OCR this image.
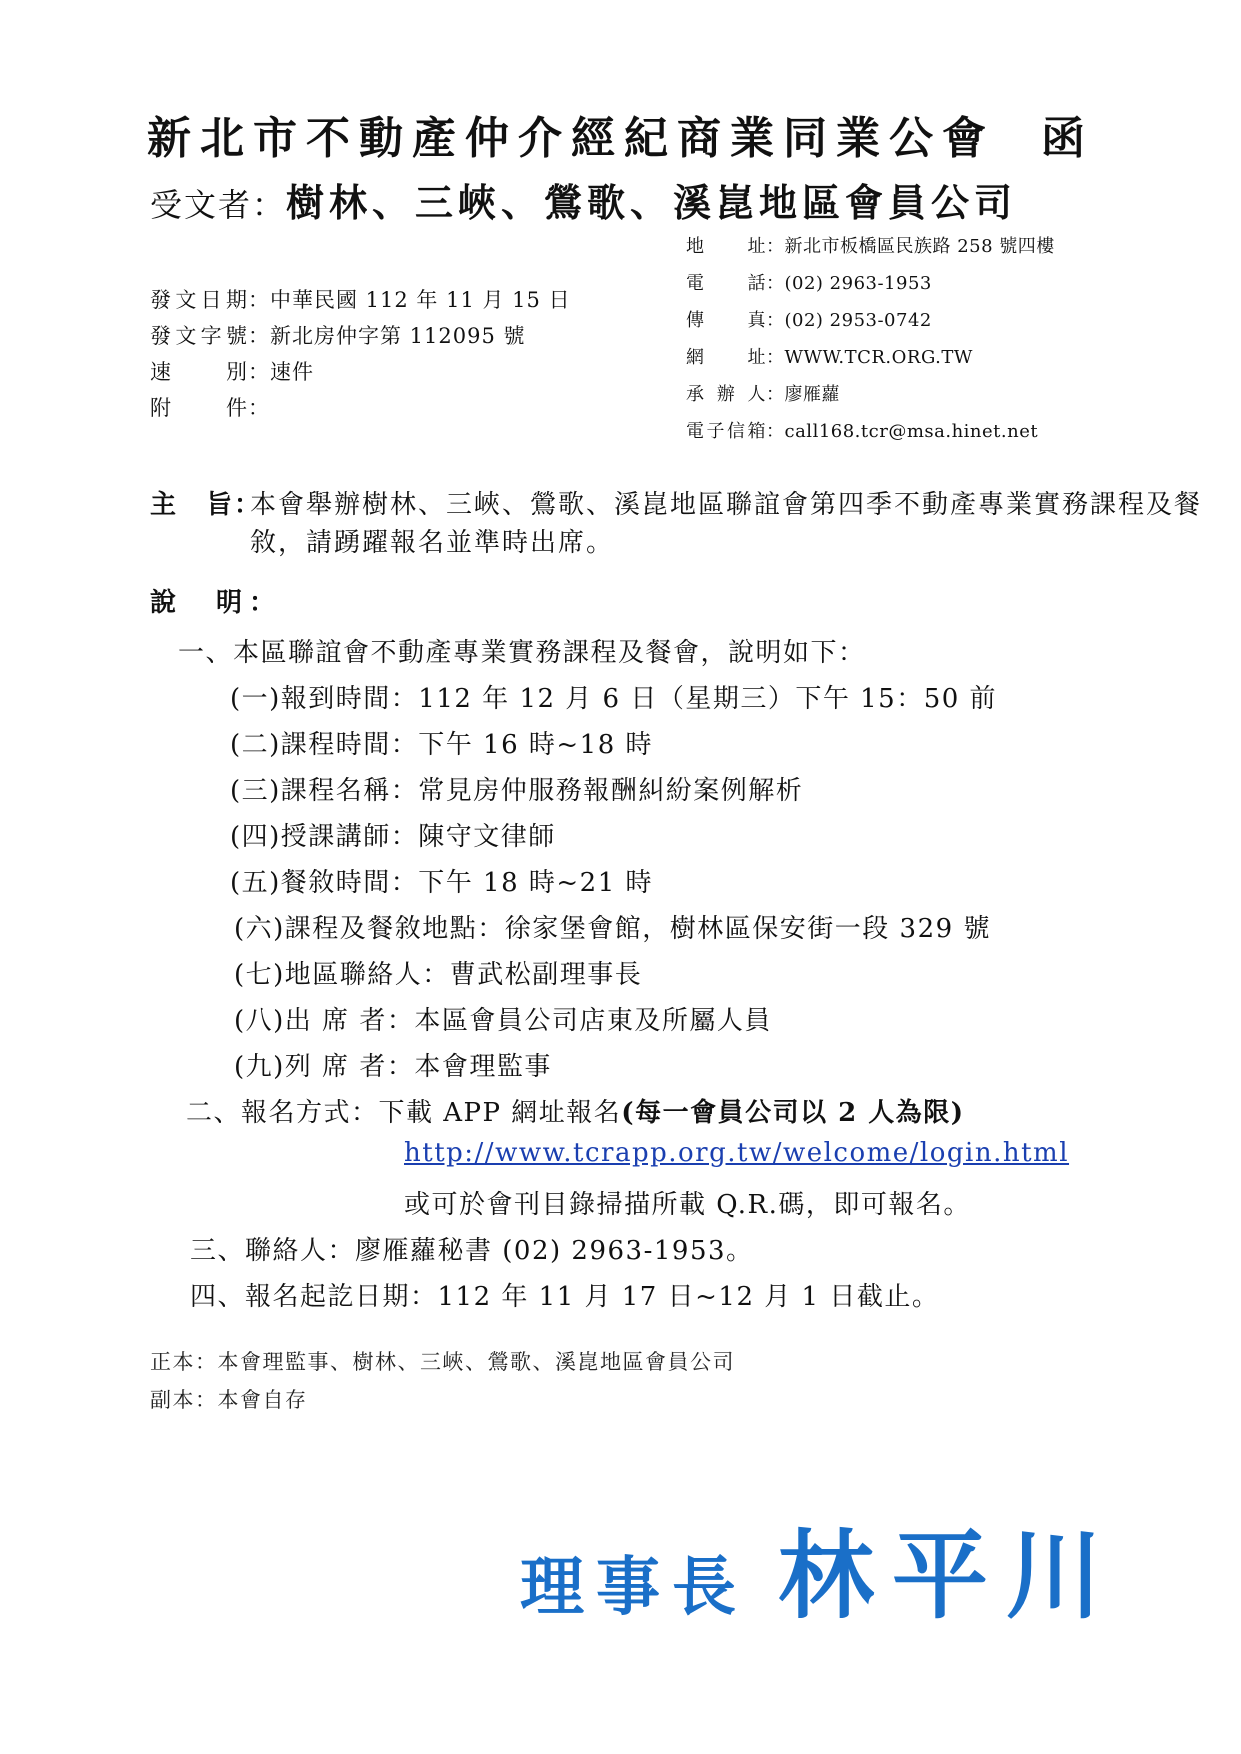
新北市不動產仲介經紀商業同業公會 函
受文者：樹林、三峽、鶯歌、溪崑地區會員公司
地　址：新北市板橋區民族路 258 號四樓
電　話：(02) 2963-1953
傳　真：(02) 2953-0742
網　址：WWW.TCR.ORG.TW
承 辦 人：廖雁蘿
電子信箱：call168.tcr@msa.hinet.net
發文日期：中華民國 112 年 11 月 15 日
發文字號：新北房仲字第 112095 號
速　別：速件
附　件：
主　旨：
本會舉辦樹林、三峽、鶯歌、溪崑地區聯誼會第四季不動產專業實務課程及餐敘，請踴躍報名並準時出席。
說　明：
一、本區聯誼會不動產專業實務課程及餐會，說明如下：
(一)報到時間：112 年 12 月 6 日（星期三）下午 15：50 前
(二)課程時間：下午 16 時~18 時
(三)課程名稱：常見房仲服務報酬糾紛案例解析
(四)授課講師：陳守文律師
(五)餐敘時間：下午 18 時~21 時
(六)課程及餐敘地點：徐家堡會館，樹林區保安街一段 329 號
(七)地區聯絡人：曹武松副理事長
(八)出 席 者：本區會員公司店東及所屬人員
(九)列 席 者：本會理監事
二、報名方式：下載 APP 網址報名(每一會員公司以 2 人為限)
http://www.tcrapp.org.tw/welcome/login.html
或可於會刊目錄掃描所載 Q.R.碼，即可報名。
三、聯絡人：廖雁蘿秘書 (02) 2963-1953。
四、報名起訖日期：112 年 11 月 17 日~12 月 1 日截止。
正本：本會理監事、樹林、三峽、鶯歌、溪崑地區會員公司
副本：本會自存
理事長 林平川
